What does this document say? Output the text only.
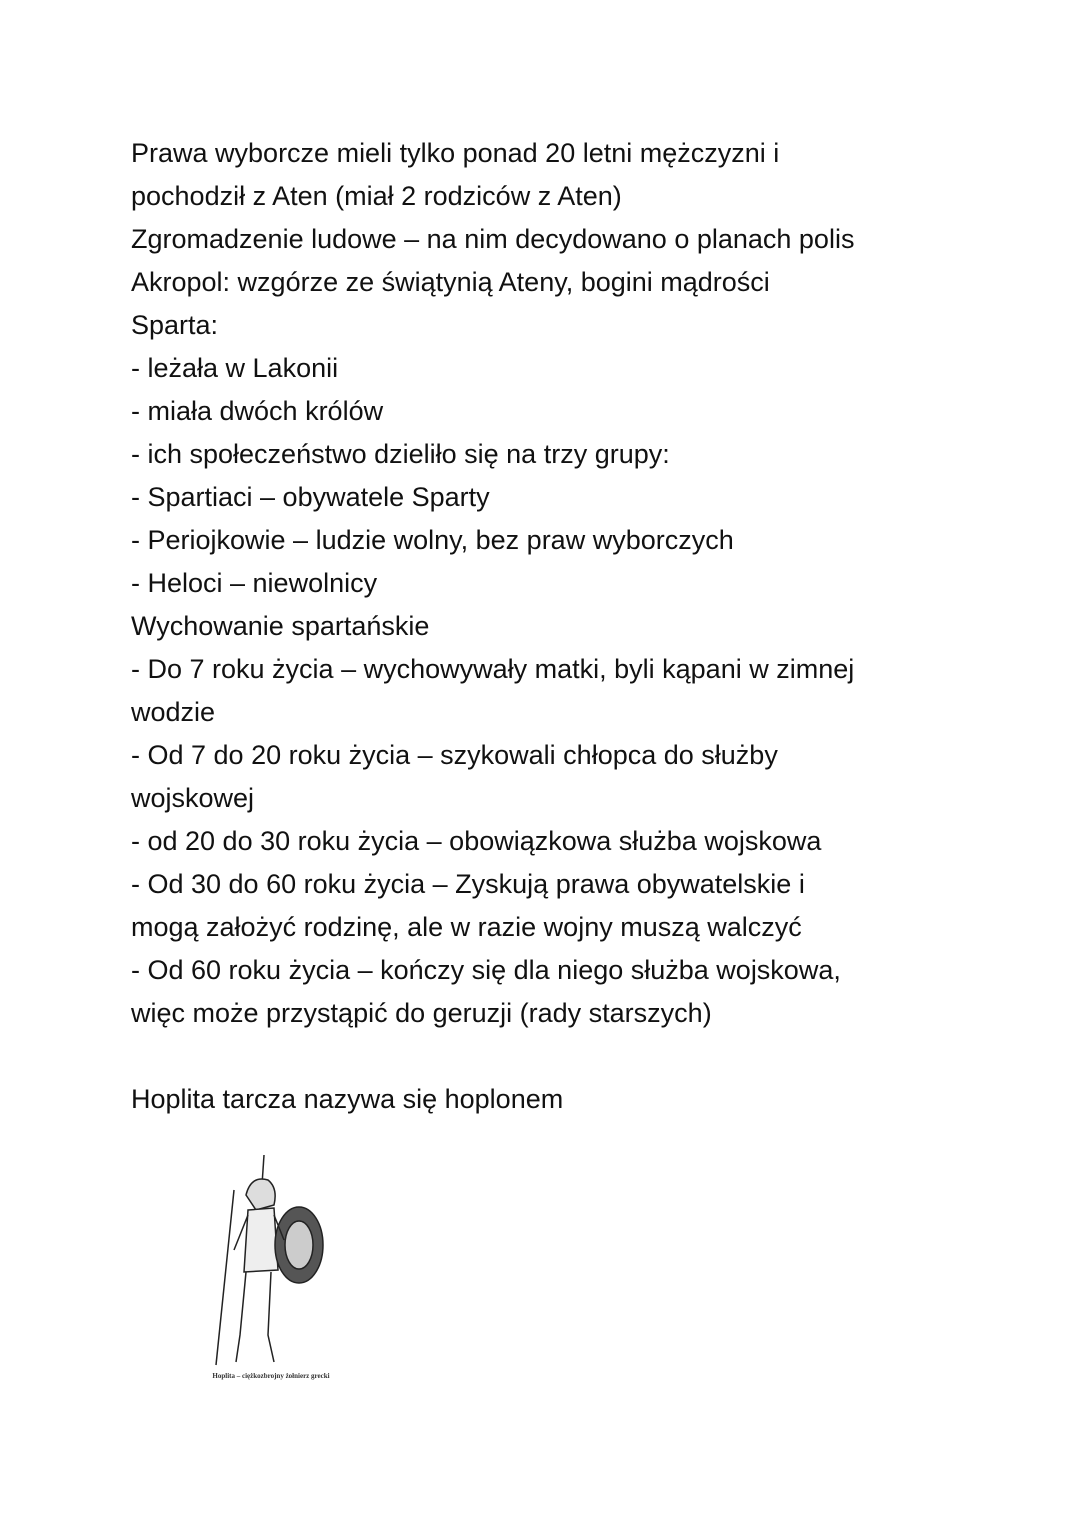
Prawa wyborcze mieli tylko ponad 20 letni mężczyzni i
pochodził z Aten (miał 2 rodziców z Aten)
Zgromadzenie ludowe – na nim decydowano o planach polis
Akropol: wzgórze ze świątynią Ateny, bogini mądrości
Sparta:
- leżała w Lakonii
- miała dwóch królów
- ich społeczeństwo dzieliło się na trzy grupy:
- Spartiaci – obywatele Sparty
- Periojkowie – ludzie wolny, bez praw wyborczych
- Heloci – niewolnicy
Wychowanie spartańskie
- Do 7 roku życia – wychowywały matki, byli kąpani w zimnej
wodzie
- Od 7 do 20 roku życia – szykowali chłopca do służby
wojskowej
- od 20 do 30 roku życia – obowiązkowa służba wojskowa
- Od 30 do 60 roku życia – Zyskują prawa obywatelskie i
mogą założyć rodzinę, ale w razie wojny muszą walczyć
- Od 60 roku życia – kończy się dla niego służba wojskowa,
więc może przystąpić do geruzji (rady starszych)
Hoplita tarcza nazywa się hoplonem
Hoplita – ciężkozbrojny żołnierz grecki
